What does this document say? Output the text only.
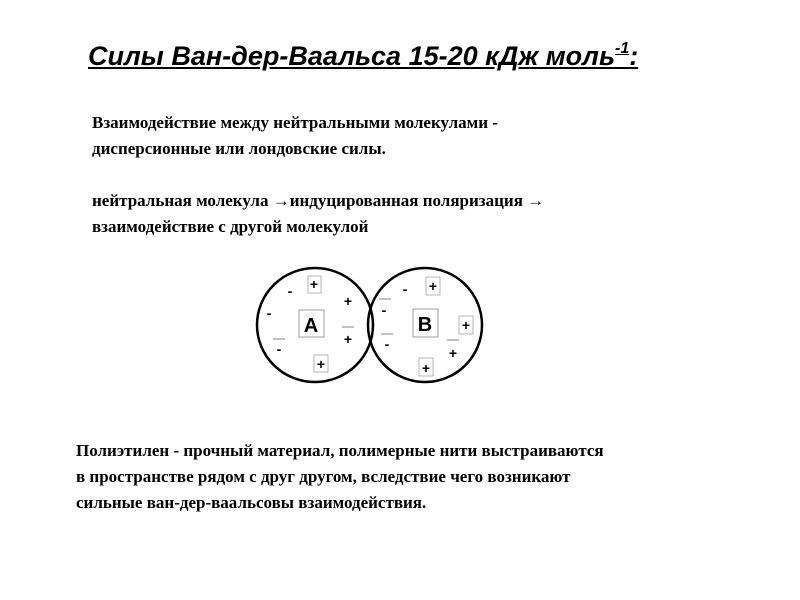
Силы Ван-дер-Ваальса 15-20 кДж моль$^{-1}$:

Взаимодействие между нейтральными молекулами -
дисперсионные или лондовские силы.

нейтральная молекула →индуцированная поляризация →
взаимодействие с другой молекулой

A
+
+
+
+
-
-
-
B
- +
-
-
+
+
+

Полиэтилен - прочный материал, полимерные нити выстраиваются
в пространстве рядом с друг другом, вследствие чего возникают
сильные ван-дер-ваальсовы взаимодействия.
